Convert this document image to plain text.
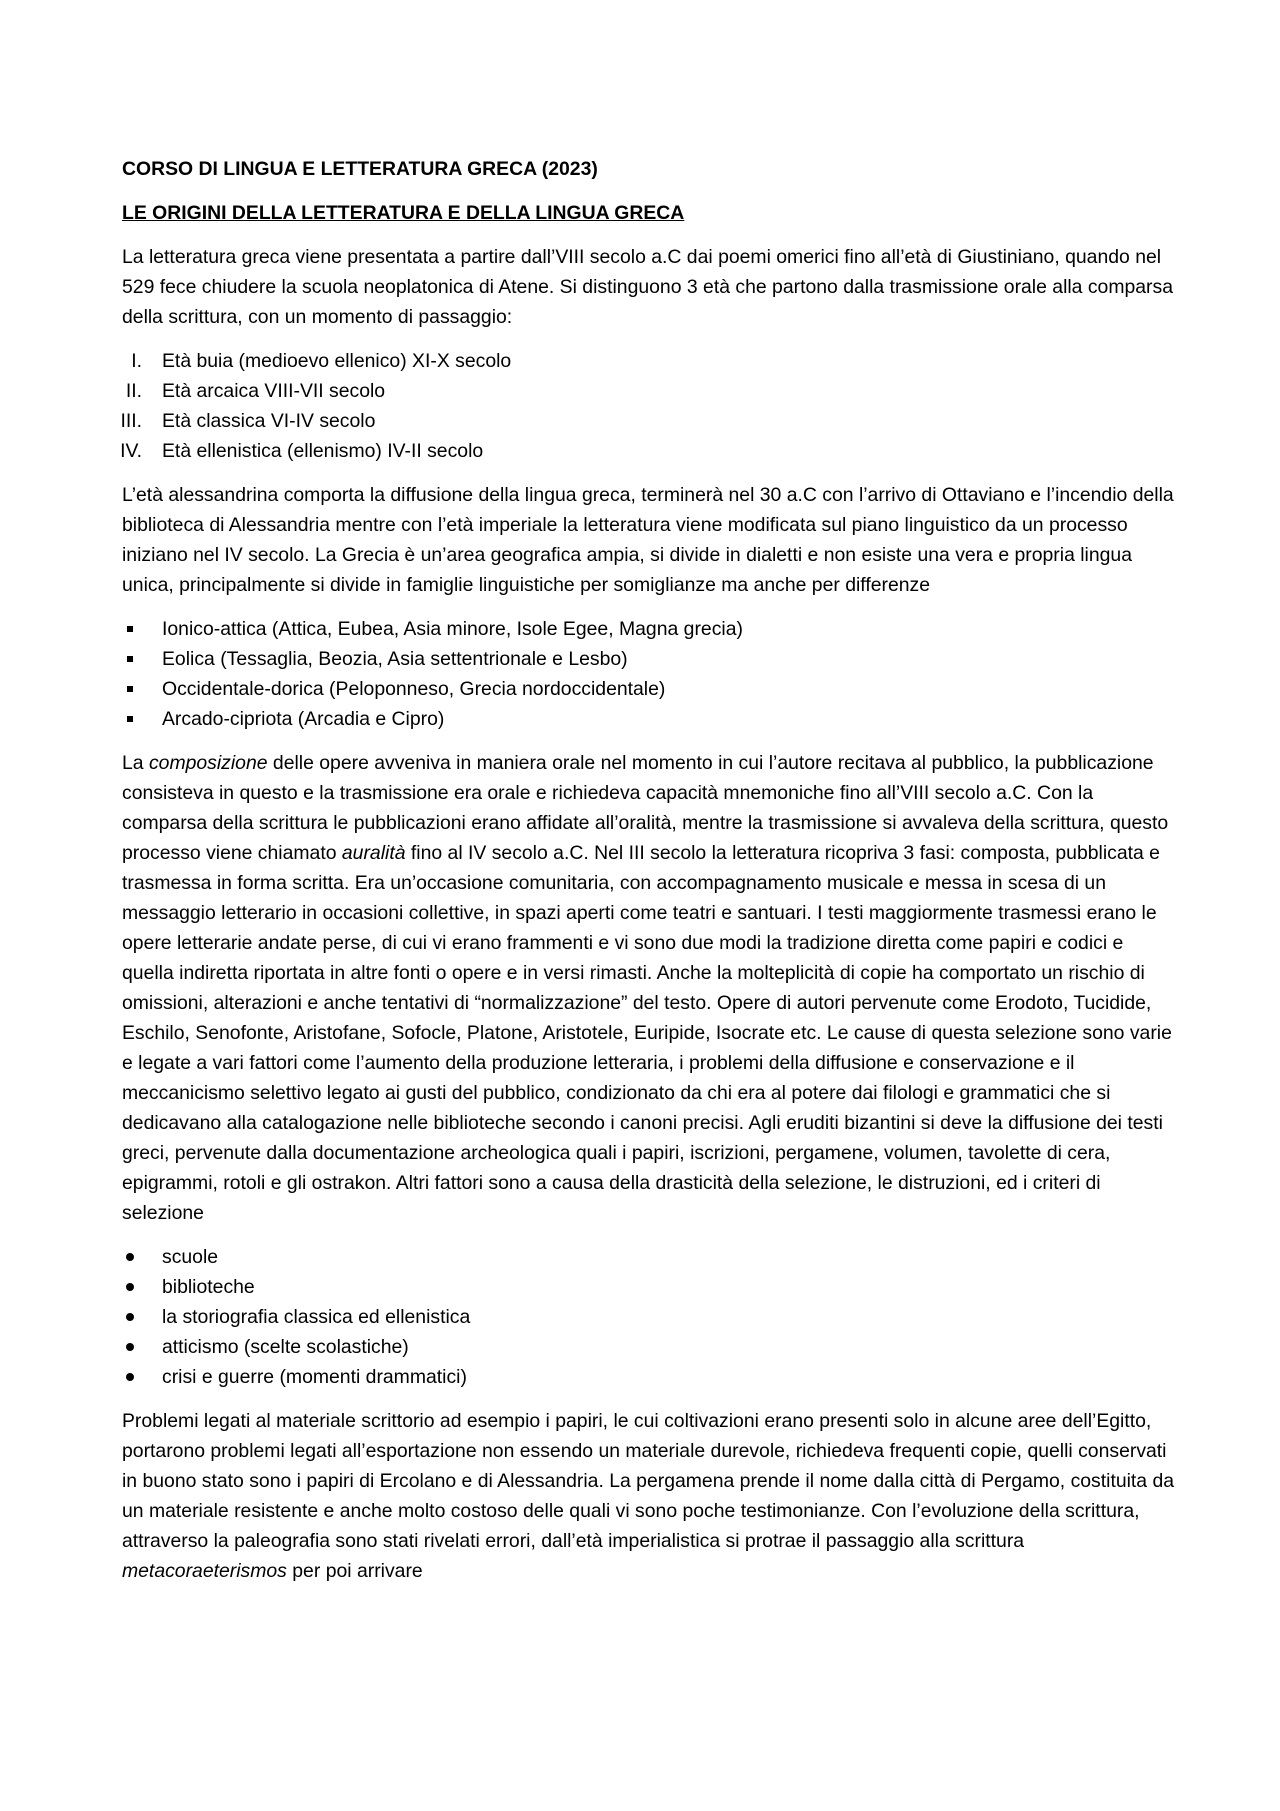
CORSO DI LINGUA E LETTERATURA GRECA (2023)
LE ORIGINI DELLA LETTERATURA E DELLA LINGUA GRECA

La letteratura greca viene presentata a partire dall’VIII secolo a.C dai poemi omerici fino all’età di Giustiniano, quando nel 529 fece chiudere la scuola neoplatonica di Atene. Si distinguono 3 età che partono dalla trasmissione orale alla comparsa della scrittura, con un momento di passaggio:

I. Età buia (medioevo ellenico) XI-X secolo
II. Età arcaica VIII-VII secolo
III. Età classica VI-IV secolo
IV. Età ellenistica (ellenismo) IV-II secolo

L’età alessandrina comporta la diffusione della lingua greca, terminerà nel 30 a.C con l’arrivo di Ottaviano e l’incendio della biblioteca di Alessandria mentre con l’età imperiale la letteratura viene modificata sul piano linguistico da un processo iniziano nel IV secolo. La Grecia è un’area geografica ampia, si divide in dialetti e non esiste una vera e propria lingua unica, principalmente si divide in famiglie linguistiche per somiglianze ma anche per differenze

Ionico-attica (Attica, Eubea, Asia minore, Isole Egee, Magna grecia)
Eolica (Tessaglia, Beozia, Asia settentrionale e Lesbo)
Occidentale-dorica (Peloponneso, Grecia nordoccidentale)
Arcado-cipriota (Arcadia e Cipro)

La composizione delle opere avveniva in maniera orale nel momento in cui l’autore recitava al pubblico, la pubblicazione consisteva in questo e la trasmissione era orale e richiedeva capacità mnemoniche fino all’VIII secolo a.C. Con la comparsa della scrittura le pubblicazioni erano affidate all’oralità, mentre la trasmissione si avvaleva della scrittura, questo processo viene chiamato auralità fino al IV secolo a.C. Nel III secolo la letteratura ricopriva 3 fasi: composta, pubblicata e trasmessa in forma scritta. Era un’occasione comunitaria, con accompagnamento musicale e messa in scesa di un messaggio letterario in occasioni collettive, in spazi aperti come teatri e santuari. I testi maggiormente trasmessi erano le opere letterarie andate perse, di cui vi erano frammenti e vi sono due modi la tradizione diretta come papiri e codici e quella indiretta riportata in altre fonti o opere e in versi rimasti. Anche la molteplicità di copie ha comportato un rischio di omissioni, alterazioni e anche tentativi di “normalizzazione” del testo. Opere di autori pervenute come Erodoto, Tucidide, Eschilo, Senofonte, Aristofane, Sofocle, Platone, Aristotele, Euripide, Isocrate etc. Le cause di questa selezione sono varie e legate a vari fattori come l’aumento della produzione letteraria, i problemi della diffusione e conservazione e il meccanicismo selettivo legato ai gusti del pubblico, condizionato da chi era al potere dai filologi e grammatici che si dedicavano alla catalogazione nelle biblioteche secondo i canoni precisi. Agli eruditi bizantini si deve la diffusione dei testi greci, pervenute dalla documentazione archeologica quali i papiri, iscrizioni, pergamene, volumen, tavolette di cera, epigrammi, rotoli e gli ostrakon. Altri fattori sono a causa della drasticità della selezione, le distruzioni, ed i criteri di selezione

scuole
biblioteche
la storiografia classica ed ellenistica
atticismo (scelte scolastiche)
crisi e guerre (momenti drammatici)

Problemi legati al materiale scrittorio ad esempio i papiri, le cui coltivazioni erano presenti solo in alcune aree dell’Egitto, portarono problemi legati all’esportazione non essendo un materiale durevole, richiedeva frequenti copie, quelli conservati in buono stato sono i papiri di Ercolano e di Alessandria. La pergamena prende il nome dalla città di Pergamo, costituita da un materiale resistente e anche molto costoso delle quali vi sono poche testimonianze. Con l’evoluzione della scrittura, attraverso la paleografia sono stati rivelati errori, dall’età imperialistica si protrae il passaggio alla scrittura metacoraeterismos per poi arrivare
